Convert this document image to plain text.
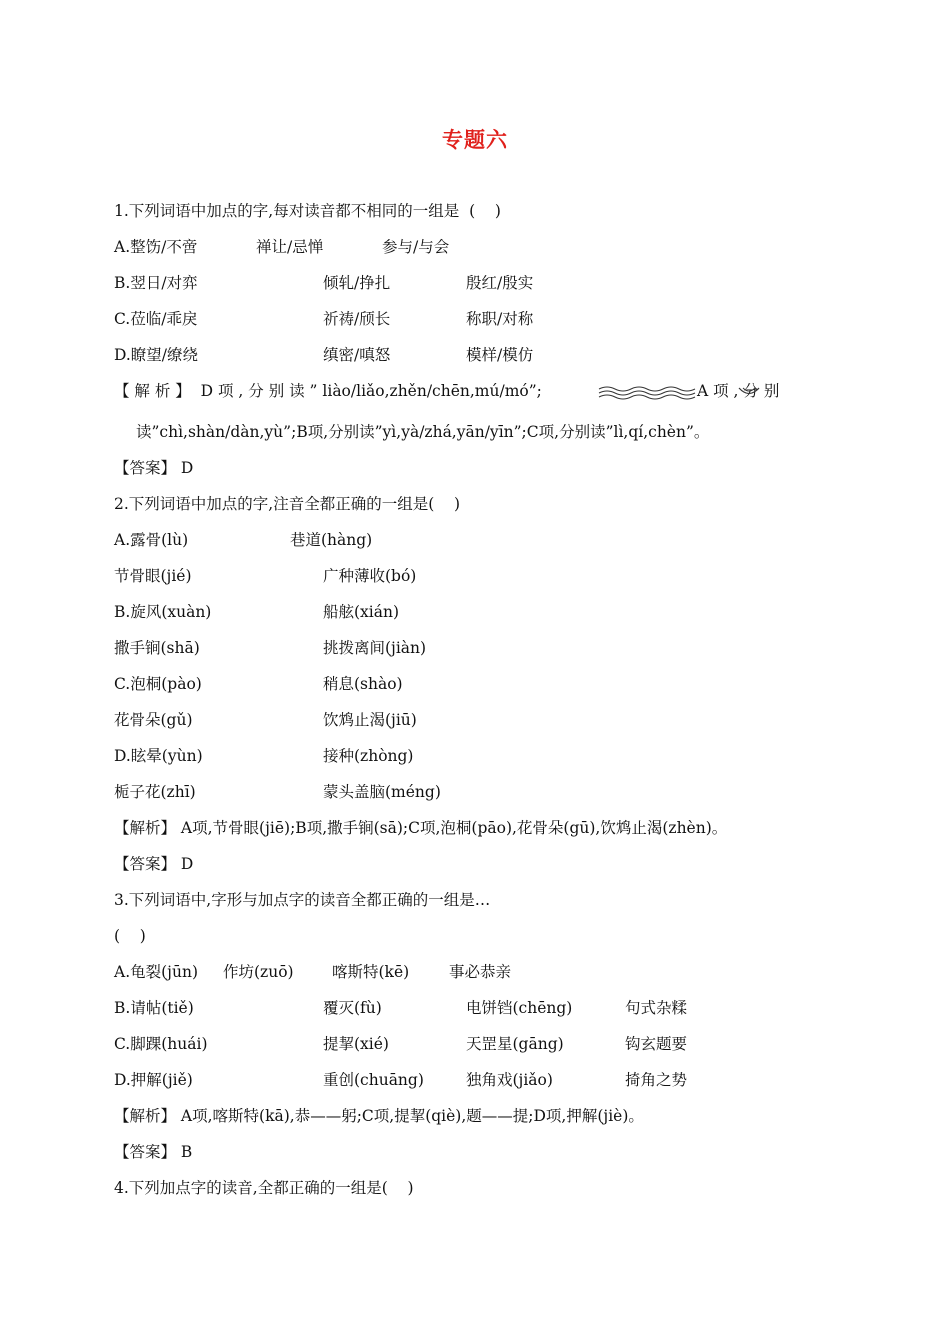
专题六
1.下列词语中加点的字,每对读音都不相同的一组是  (    )
A.整饬/不啻	禅让/忌惮	参与/与会
B.翌日/对弈	倾轧/挣扎	殷红/殷实
C.莅临/乖戾	祈祷/颀长	称职/对称
D.瞭望/缭绕	缜密/嗔怒	模样/模仿
【 解 析 】  D 项 , 分 别 读 ” liào/liǎo,zhěn/chēn,mú/mó”;	A 项 , 分 别
读”chì,shàn/dàn,yù”;B项,分别读”yì,yà/zhá,yān/yīn”;C项,分别读”lì,qí,chèn”。
【答案】 D
2.下列词语中加点的字,注音全都正确的一组是(    )
A.露骨(lù)	巷道(hàng)
节骨眼(jié)	广种薄收(bó)
B.旋风(xuàn)	船舷(xián)
撒手锏(shā)	挑拨离间(jiàn)
C.泡桐(pào)	稍息(shào)
花骨朵(gǔ)	饮鸩止渴(jiū)
D.眩晕(yùn)	接种(zhòng)
栀子花(zhī)	蒙头盖脑(méng)
【解析】 A项,节骨眼(jiē);B项,撒手锏(sā);C项,泡桐(pāo),花骨朵(gū),饮鸩止渴(zhèn)。
【答案】 D
3.下列词语中,字形与加点字的读音全都正确的一组是…
(    )
A.龟裂(jūn) 作坊(zuō) 喀斯特(kē)	事必恭亲
B.请帖(tiě)	覆灭(fù)	电饼铛(chēng)	句式杂糅
C.脚踝(huái)	提挈(xié)	天罡星(gāng)	钩玄题要
D.押解(jiě)	重创(chuāng)	独角戏(jiǎo)	掎角之势
【解析】 A项,喀斯特(kā),恭——躬;C项,提挈(qiè),题——提;D项,押解(jiè)。
【答案】 B
4.下列加点字的读音,全都正确的一组是(    )
